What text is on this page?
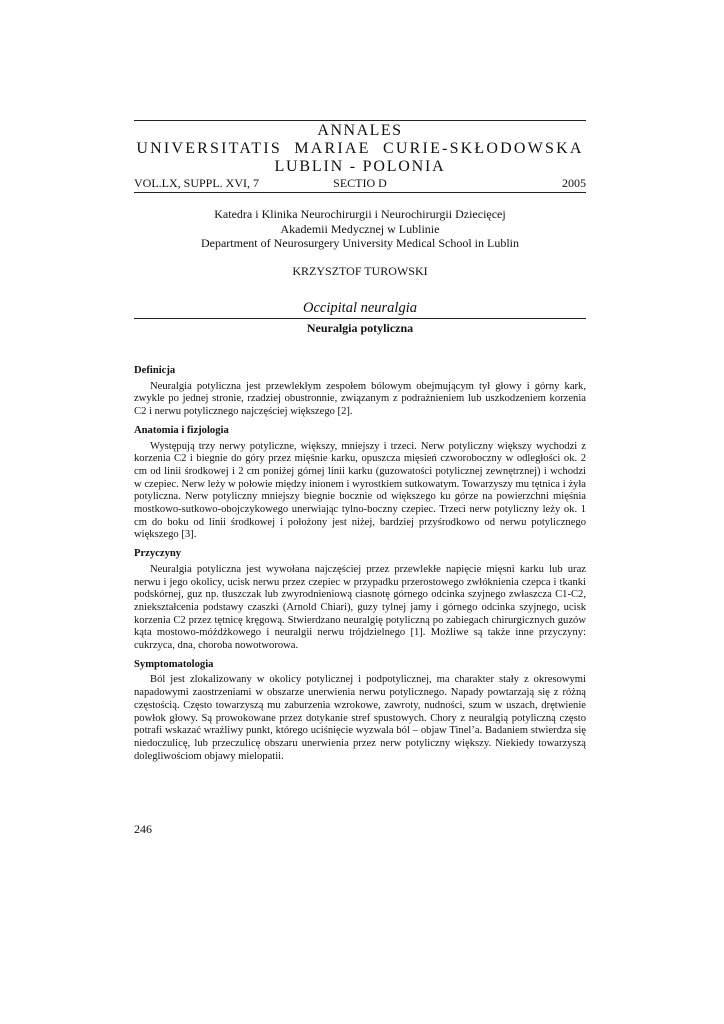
ANNALES
UNIVERSITATIS  MARIAE  CURIE-SKŁODOWSKA
LUBLIN - POLONIA
SECTIO D
VOL.LX, SUPPL. XVI, 7	2005
Katedra i Klinika Neurochirurgii i Neurochirurgii Dziecięcej
Akademii Medycznej w Lublinie
Department of Neurosurgery University Medical School in Lublin
KRZYSZTOF TUROWSKI
Occipital neuralgia
Neuralgia potyliczna
Definicja

Neuralgia potyliczna jest przewlekłym zespołem bólowym obejmującym tył głowy i górny kark, zwykle po jednej stronie, rzadziej obustronnie, związanym z podrażnieniem lub uszkodzeniem korzenia C2 i nerwu potylicznego najczęściej większego [2].

Anatomia i fizjologia

Występują trzy nerwy potyliczne, większy, mniejszy i trzeci. Nerw potyliczny większy wychodzi z korzenia C2 i biegnie do góry przez mięśnie karku, opuszcza mięsień czworoboczny w odległości ok. 2 cm od linii środkowej i 2 cm poniżej górnej linii karku (guzowatości potylicznej zewnętrznej) i wchodzi w czepiec. Nerw leży w połowie między inionem i wyrostkiem sutkowatym. Towarzyszy mu tętnica i żyła potyliczna. Nerw potyliczny mniejszy biegnie bocznie od większego ku górze na powierzchni mięśnia mostkowo-sutkowo-obojczykowego unerwiając tylno-boczny czepiec. Trzeci nerw potyliczny leży ok. 1 cm do boku od linii środkowej i położony jest niżej, bardziej przyśrodkowo od nerwu potylicznego większego [3].

Przyczyny

Neuralgia potyliczna jest wywołana najczęściej przez przewlekłe napięcie mięsni karku lub uraz nerwu i jego okolicy, ucisk nerwu przez czepiec w przypadku przerostowego zwłóknienia czepca i tkanki podskórnej, guz np. tłuszczak lub zwyrodnieniową ciasnotę górnego odcinka szyjnego zwłaszcza C1-C2, zniekształcenia podstawy czaszki (Arnold Chiari), guzy tylnej jamy i górnego odcinka szyjnego, ucisk korzenia C2 przez tętnicę kręgową. Stwierdzano neuralgię potyliczną po zabiegach chirurgicznych guzów kąta mostowo-móżdżkowego i neuralgii nerwu trójdzielnego [1]. Możliwe są także inne przyczyny: cukrzyca, dna, choroba nowotworowa.

Symptomatologia

Ból jest zlokalizowany w okolicy potylicznej i podpotylicznej, ma charakter stały z okresowymi napadowymi zaostrzeniami w obszarze unerwienia nerwu potylicznego. Napady powtarzają się z różną częstością. Często towarzyszą mu zaburzenia wzrokowe, zawroty, nudności, szum w uszach, drętwienie powłok głowy. Są prowokowane przez dotykanie stref spustowych. Chory z neuralgią potyliczną często potrafi wskazać wrażliwy punkt, którego uciśnięcie wyzwala ból – objaw Tinel’a. Badaniem stwierdza się niedoczulicę, lub przeczulicę obszaru unerwienia przez nerw potyliczny większy. Niekiedy towarzyszą dolegliwościom objawy mielopatii.

246
